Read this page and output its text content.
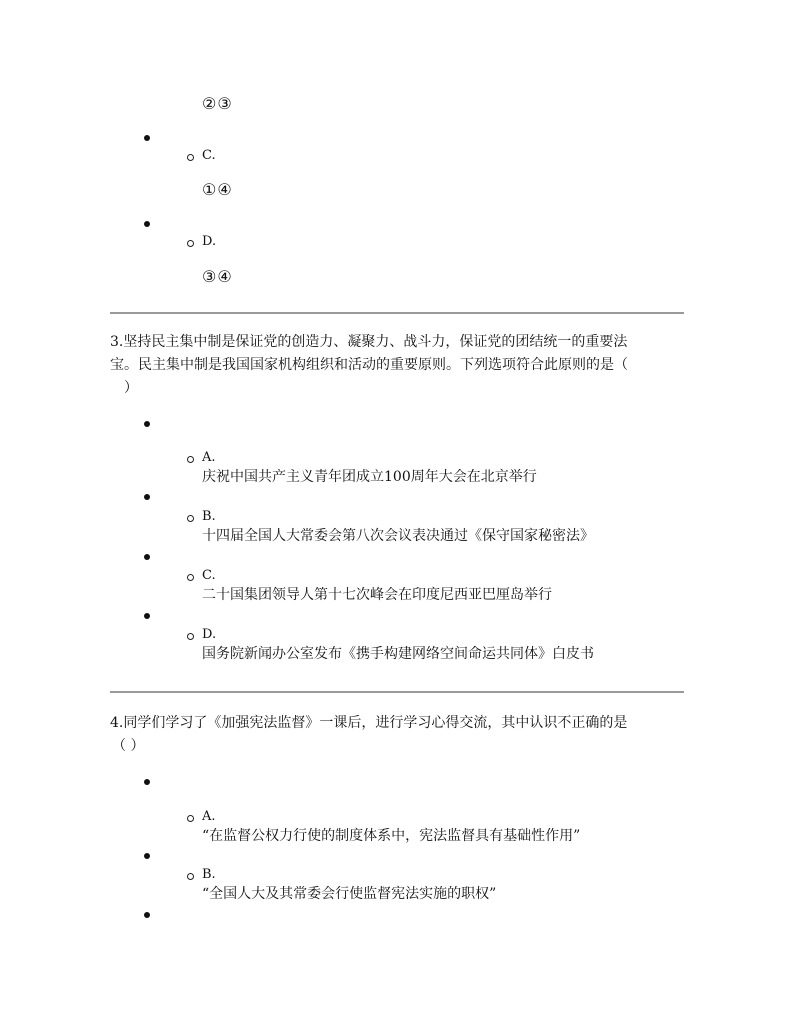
②③
C.
①④
D.
③④
3.坚持民主集中制是保证党的创造力、凝聚力、战斗力，保证党的团结统一的重要法
宝。民主集中制是我国国家机构组织和活动的重要原则。下列选项符合此原则的是（
）
A.
庆祝中国共产主义青年团成立100周年大会在北京举行
B.
十四届全国人大常委会第八次会议表决通过《保守国家秘密法》
C.
二十国集团领导人第十七次峰会在印度尼西亚巴厘岛举行
D.
国务院新闻办公室发布《携手构建网络空间命运共同体》白皮书
4.同学们学习了《加强宪法监督》一课后，进行学习心得交流，其中认识不正确的是
（ ）
A.
“在监督公权力行使的制度体系中，宪法监督具有基础性作用”
B.
“全国人大及其常委会行使监督宪法实施的职权”
